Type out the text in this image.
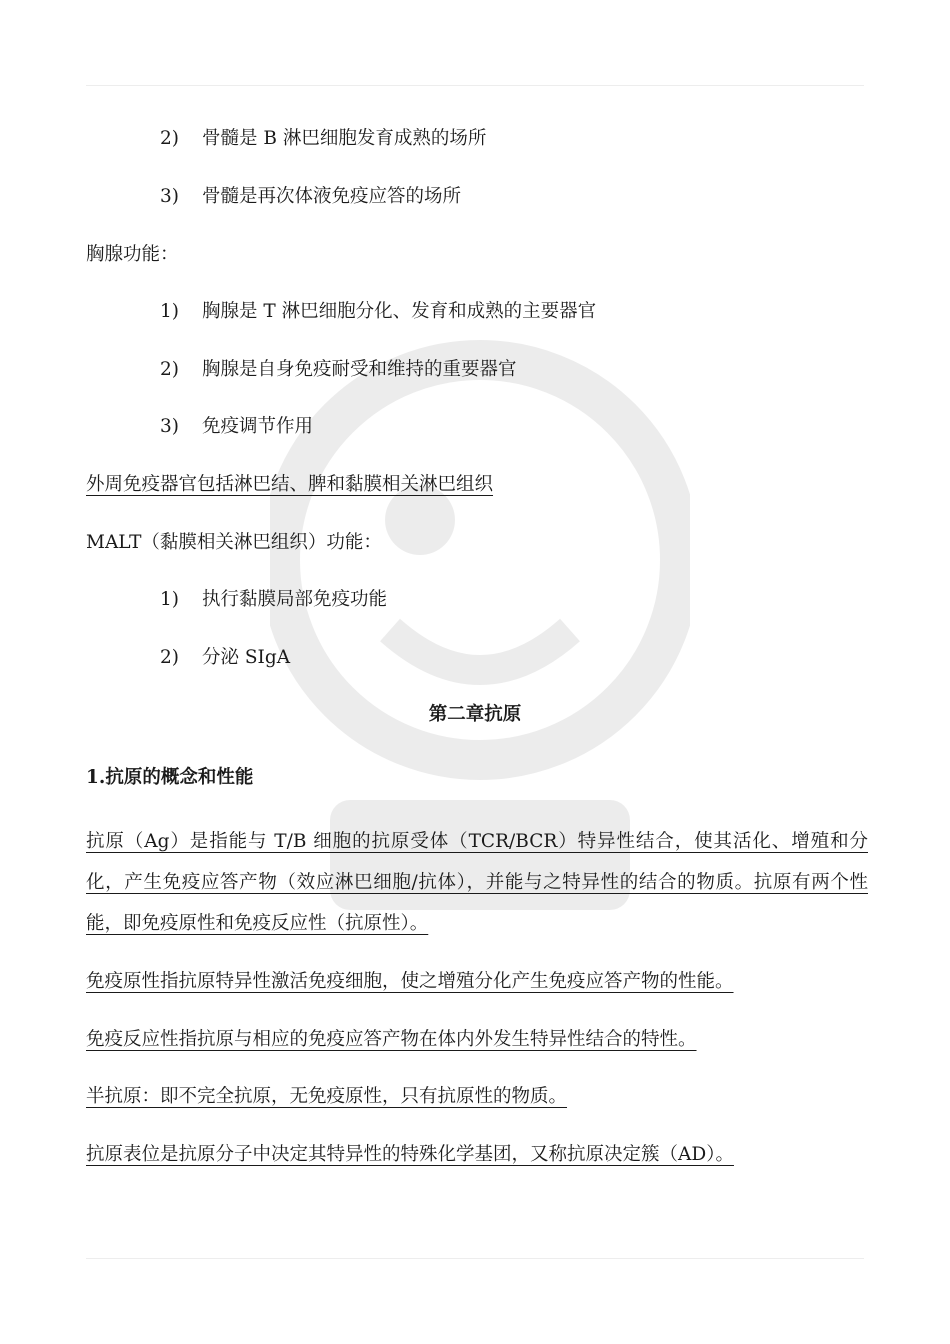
2) 骨髓是 B 淋巴细胞发育成熟的场所
3) 骨髓是再次体液免疫应答的场所
胸腺功能：
1) 胸腺是 T 淋巴细胞分化、发育和成熟的主要器官
2) 胸腺是自身免疫耐受和维持的重要器官
3) 免疫调节作用
外周免疫器官包括淋巴结、脾和黏膜相关淋巴组织
MALT（黏膜相关淋巴组织）功能：
1) 执行黏膜局部免疫功能
2) 分泌 SIgA
第二章抗原
1.抗原的概念和性能
抗原（Ag）是指能与 T/B 细胞的抗原受体（TCR/BCR）特异性结合，使其活化、增殖和分化，产生免疫应答产物（效应淋巴细胞/抗体），并能与之特异性的结合的物质。抗原有两个性能，即免疫原性和免疫反应性（抗原性）。
免疫原性指抗原特异性激活免疫细胞，使之增殖分化产生免疫应答产物的性能。
免疫反应性指抗原与相应的免疫应答产物在体内外发生特异性结合的特性。
半抗原：即不完全抗原，无免疫原性，只有抗原性的物质。
抗原表位是抗原分子中决定其特异性的特殊化学基团，又称抗原决定簇（AD）。
